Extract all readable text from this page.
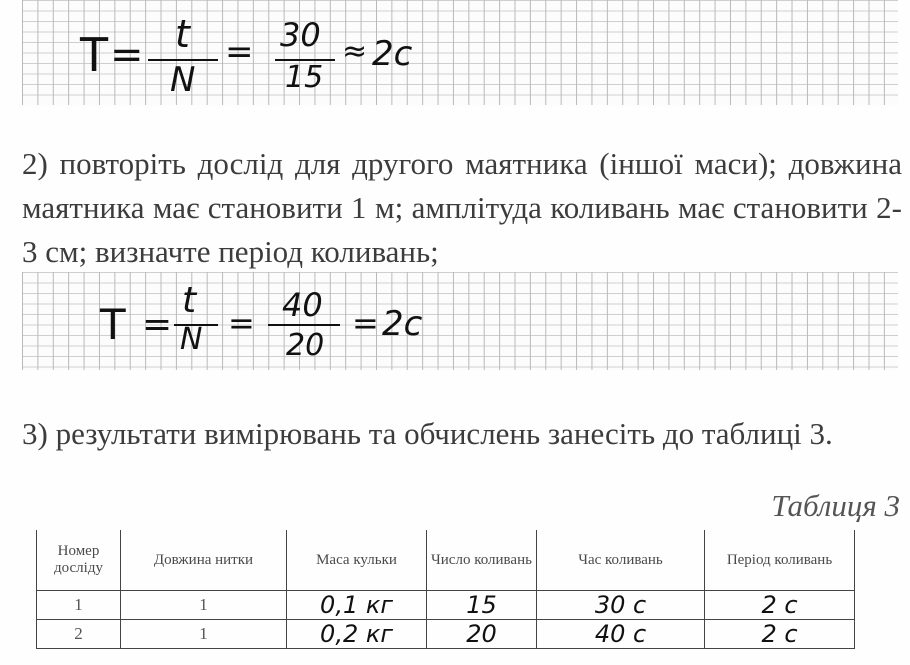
T = t
N
= 30
15
≈ 2c
2) повторіть дослід для другого маятника (іншої маси); довжина маятника має становити 1 м; амплітуда коливань має становити 2-3 см; визначте період коливань;
T =
t
N = 40
20
= 2c
3) результати вимірювань та обчислень занесіть до таблиці 3.
Таблиця 3
Номер досліду	Довжина нитки	Маса кульки	Число коливань	Час коливань	Період коливань
1	1	0,1 кг	15	30 с	2 с
2	1	0,2 кг	20	40 с	2 с
